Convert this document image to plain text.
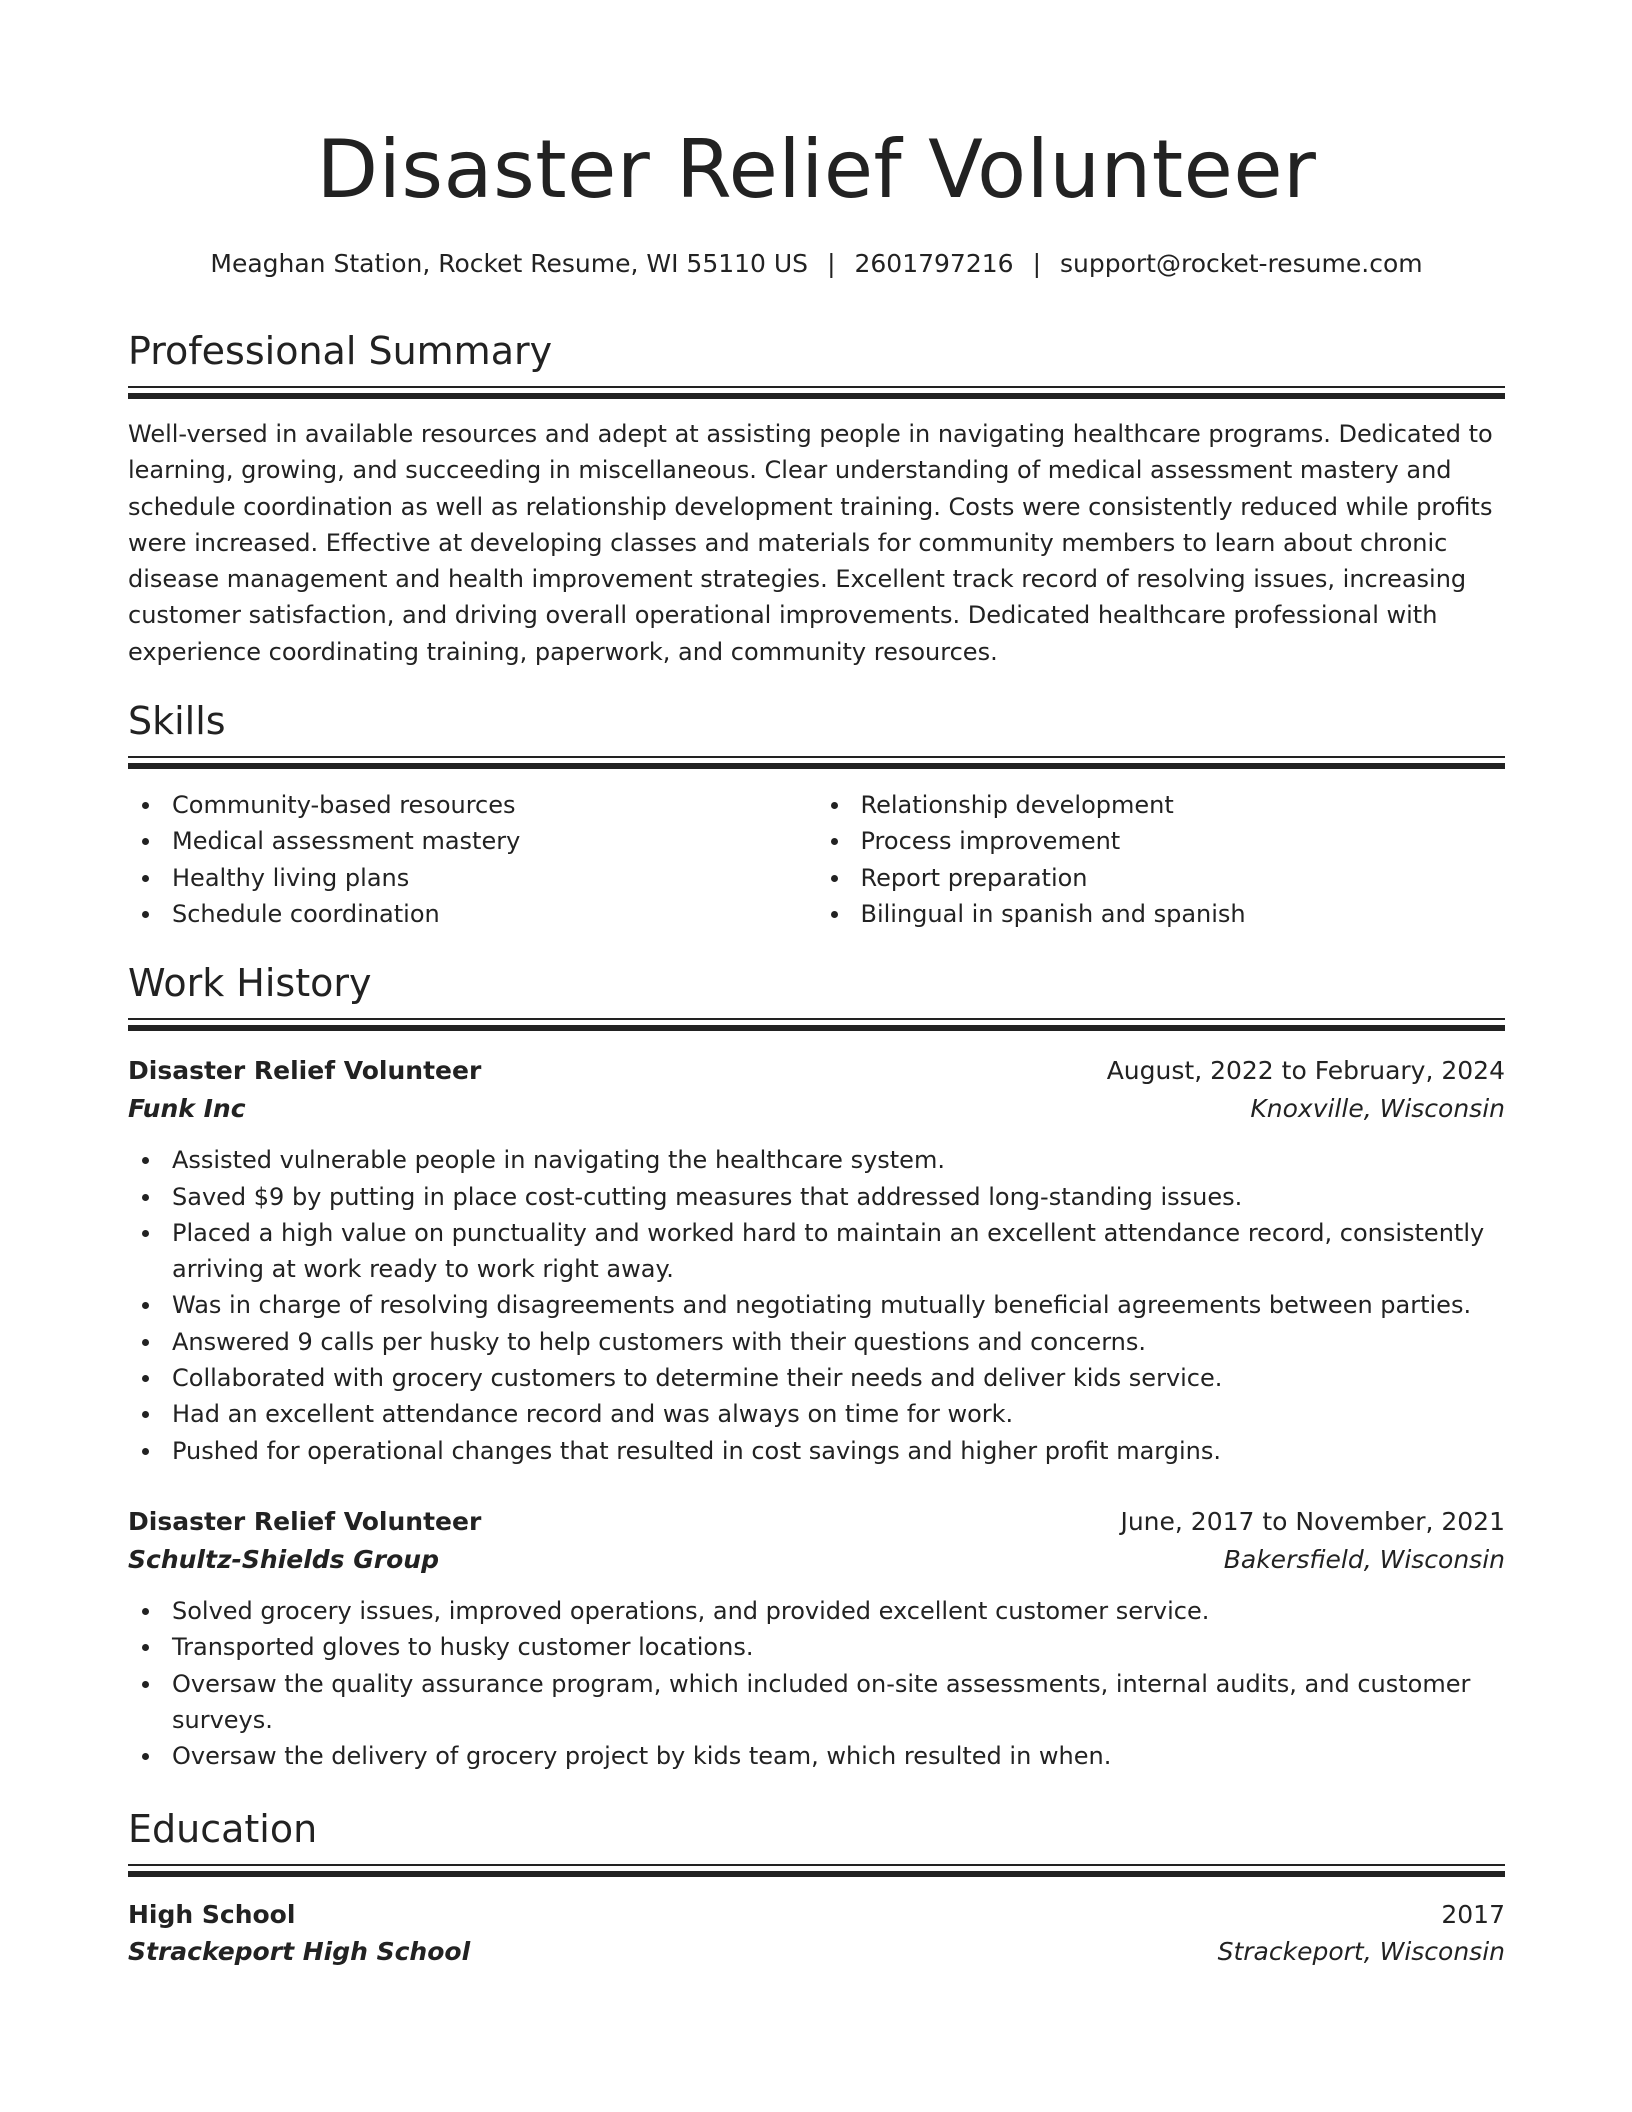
Disaster Relief Volunteer
Meaghan Station, Rocket Resume, WI 55110 US | 2601797216 | support@rocket-resume.com
Professional Summary

Well-versed in available resources and adept at assisting people in navigating healthcare programs. Dedicated to learning, growing, and succeeding in miscellaneous. Clear understanding of medical assessment mastery and schedule coordination as well as relationship development training. Costs were consistently reduced while profits were increased. Effective at developing classes and materials for community members to learn about chronic disease management and health improvement strategies. Excellent track record of resolving issues, increasing customer satisfaction, and driving overall operational improvements. Dedicated healthcare professional with experience coordinating training, paperwork, and community resources.

Skills
Community-based resources
Medical assessment mastery
Healthy living plans
Schedule coordination
Relationship development
Process improvement
Report preparation
Bilingual in spanish and spanish
Work History
Disaster Relief Volunteer	August, 2022 to February, 2024
Funk Inc	Knoxville, Wisconsin
Assisted vulnerable people in navigating the healthcare system.
Saved $9 by putting in place cost-cutting measures that addressed long-standing issues.
Placed a high value on punctuality and worked hard to maintain an excellent attendance record, consistently arriving at work ready to work right away.
Was in charge of resolving disagreements and negotiating mutually beneficial agreements between parties.
Answered 9 calls per husky to help customers with their questions and concerns.
Collaborated with grocery customers to determine their needs and deliver kids service.
Had an excellent attendance record and was always on time for work.
Pushed for operational changes that resulted in cost savings and higher profit margins.
Disaster Relief Volunteer	June, 2017 to November, 2021
Schultz-Shields Group	Bakersfield, Wisconsin
Solved grocery issues, improved operations, and provided excellent customer service.
Transported gloves to husky customer locations.
Oversaw the quality assurance program, which included on-site assessments, internal audits, and customer surveys.
Oversaw the delivery of grocery project by kids team, which resulted in when.
Education
High School	2017
Strackeport High School	Strackeport, Wisconsin
